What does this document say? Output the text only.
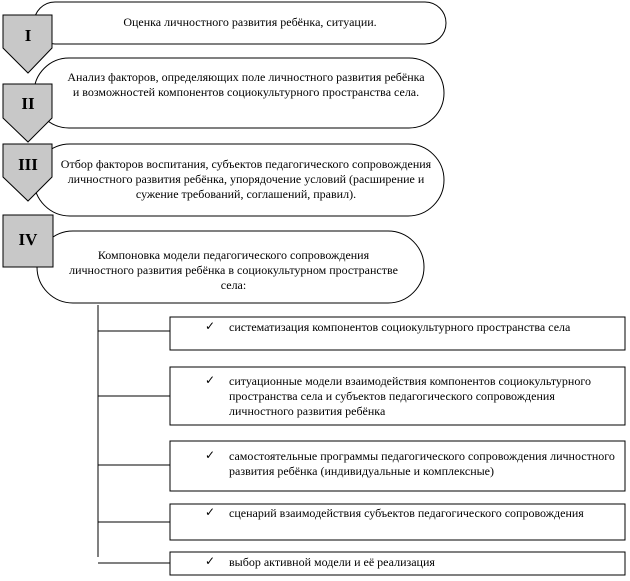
I
II
III
IV
Оценка личностного развития ребёнка, ситуации.
Анализ факторов, определяющих поле личностного развития ребёнка и возможностей компонентов социокультурного пространства села.
Отбор факторов воспитания, субъектов педагогического сопровождения личностного развития ребёнка, упорядочение условий (расширение и сужение требований, соглашений, правил).
Компоновка модели педагогического сопровождения личностного развития ребёнка в социокультурном пространстве села:
✓
✓
✓
✓
✓
систематизация компонентов социокультурного пространства села
ситуационные модели взаимодействия компонентов социокультурного пространства села и субъектов педагогического сопровождения личностного развития ребёнка
самостоятельные программы педагогического сопровождения личностного развития ребёнка (индивидуальные и комплексные)
сценарий взаимодействия субъектов педагогического сопровождения
выбор активной модели и её реализация
